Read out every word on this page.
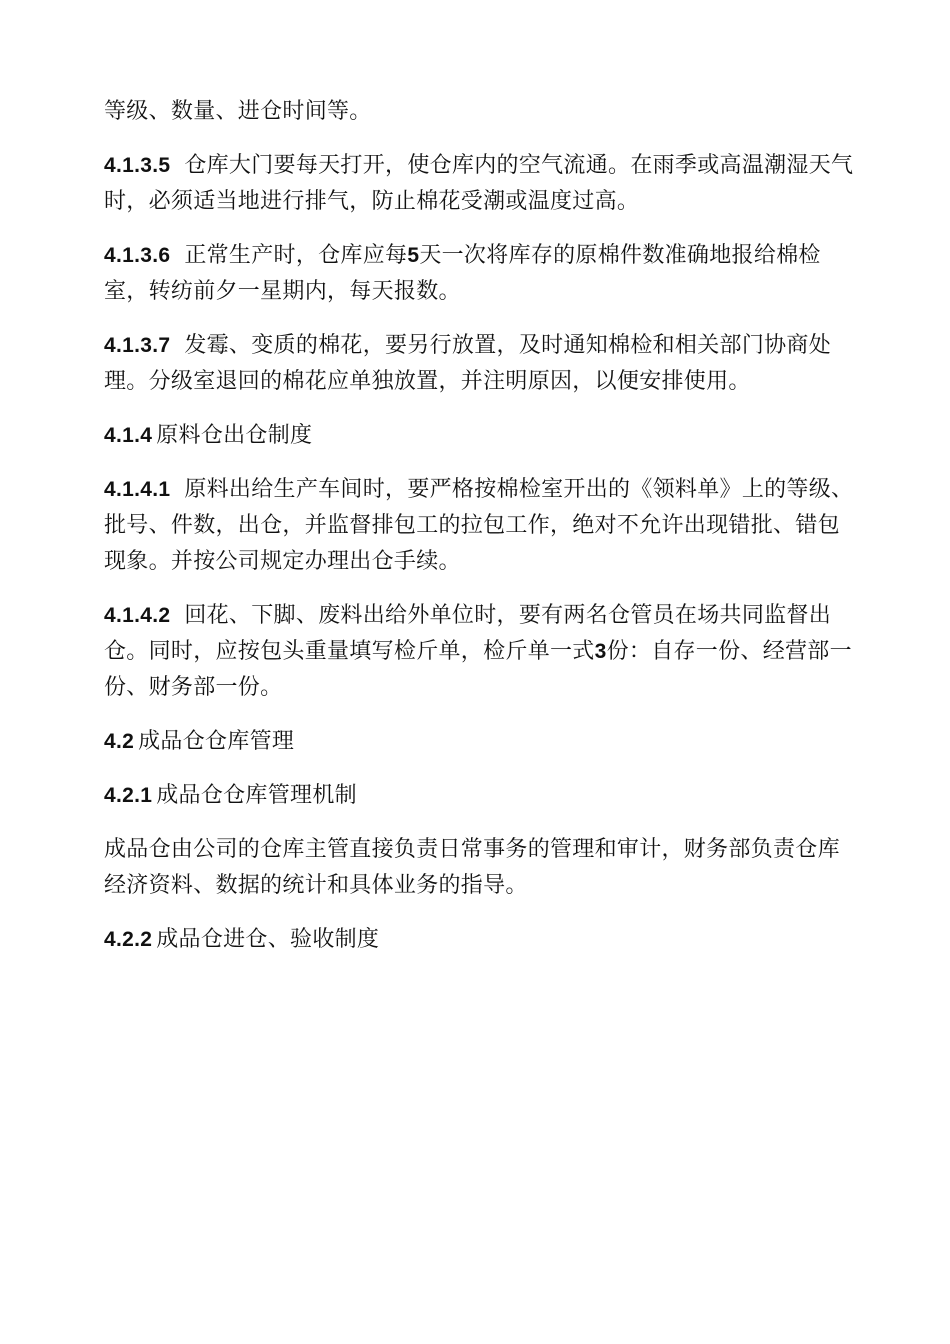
等级、数量、进仓时间等。

4.1.3.5 仓库大门要每天打开，使仓库内的空气流通。在雨季或高温潮湿天气时，必须适当地进行排气，防止棉花受潮或温度过高。

4.1.3.6 正常生产时，仓库应每5天一次将库存的原棉件数准确地报给棉检室，转纺前夕一星期内，每天报数。

4.1.3.7 发霉、变质的棉花，要另行放置，及时通知棉检和相关部门协商处理。分级室退回的棉花应单独放置，并注明原因，以便安排使用。

4.1.4 原料仓出仓制度

4.1.4.1 原料出给生产车间时，要严格按棉检室开出的《领料单》上的等级、批号、件数，出仓，并监督排包工的拉包工作，绝对不允许出现错批、错包现象。并按公司规定办理出仓手续。

4.1.4.2 回花、下脚、废料出给外单位时，要有两名仓管员在场共同监督出仓。同时，应按包头重量填写检斤单，检斤单一式3份：自存一份、经营部一份、财务部一份。

4.2 成品仓仓库管理

4.2.1 成品仓仓库管理机制

成品仓由公司的仓库主管直接负责日常事务的管理和审计，财务部负责仓库经济资料、数据的统计和具体业务的指导。

4.2.2 成品仓进仓、验收制度
